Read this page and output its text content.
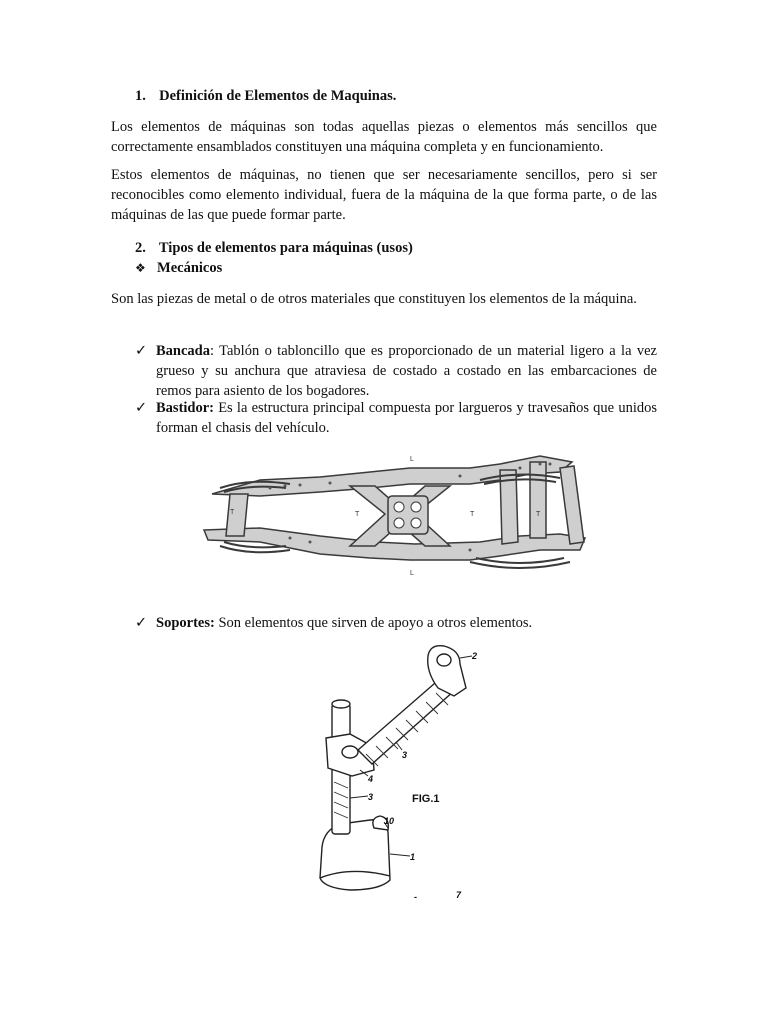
1. Definición de Elementos de Maquinas.
Los elementos de máquinas son todas aquellas piezas o elementos más sencillos que correctamente ensamblados constituyen una máquina completa y en funcionamiento.
Estos elementos de máquinas, no tienen que ser necesariamente sencillos, pero si ser reconocibles como elemento individual, fuera de la máquina de la que forma parte, o de las máquinas de las que puede formar parte.
2. Tipos de elementos para máquinas (usos)
❖ Mecánicos
Son las piezas de metal o de otros materiales que constituyen los elementos de la máquina.
✓ Bancada: Tablón o tabloncillo que es proporcionado de un material ligero a la vez grueso y su anchura que atraviesa de costado a costado en las embarcaciones de remos para asiento de los bogadores.
✓ Bastidor: Es la estructura principal compuesta por largueros y travesaños que unidos forman el chasis del vehículo.
L
L
T	T	T	T
✓ Soportes: Son elementos que sirven de apoyo a otros elementos.
2
3
4
3
10
1
7
-
FIG.1
